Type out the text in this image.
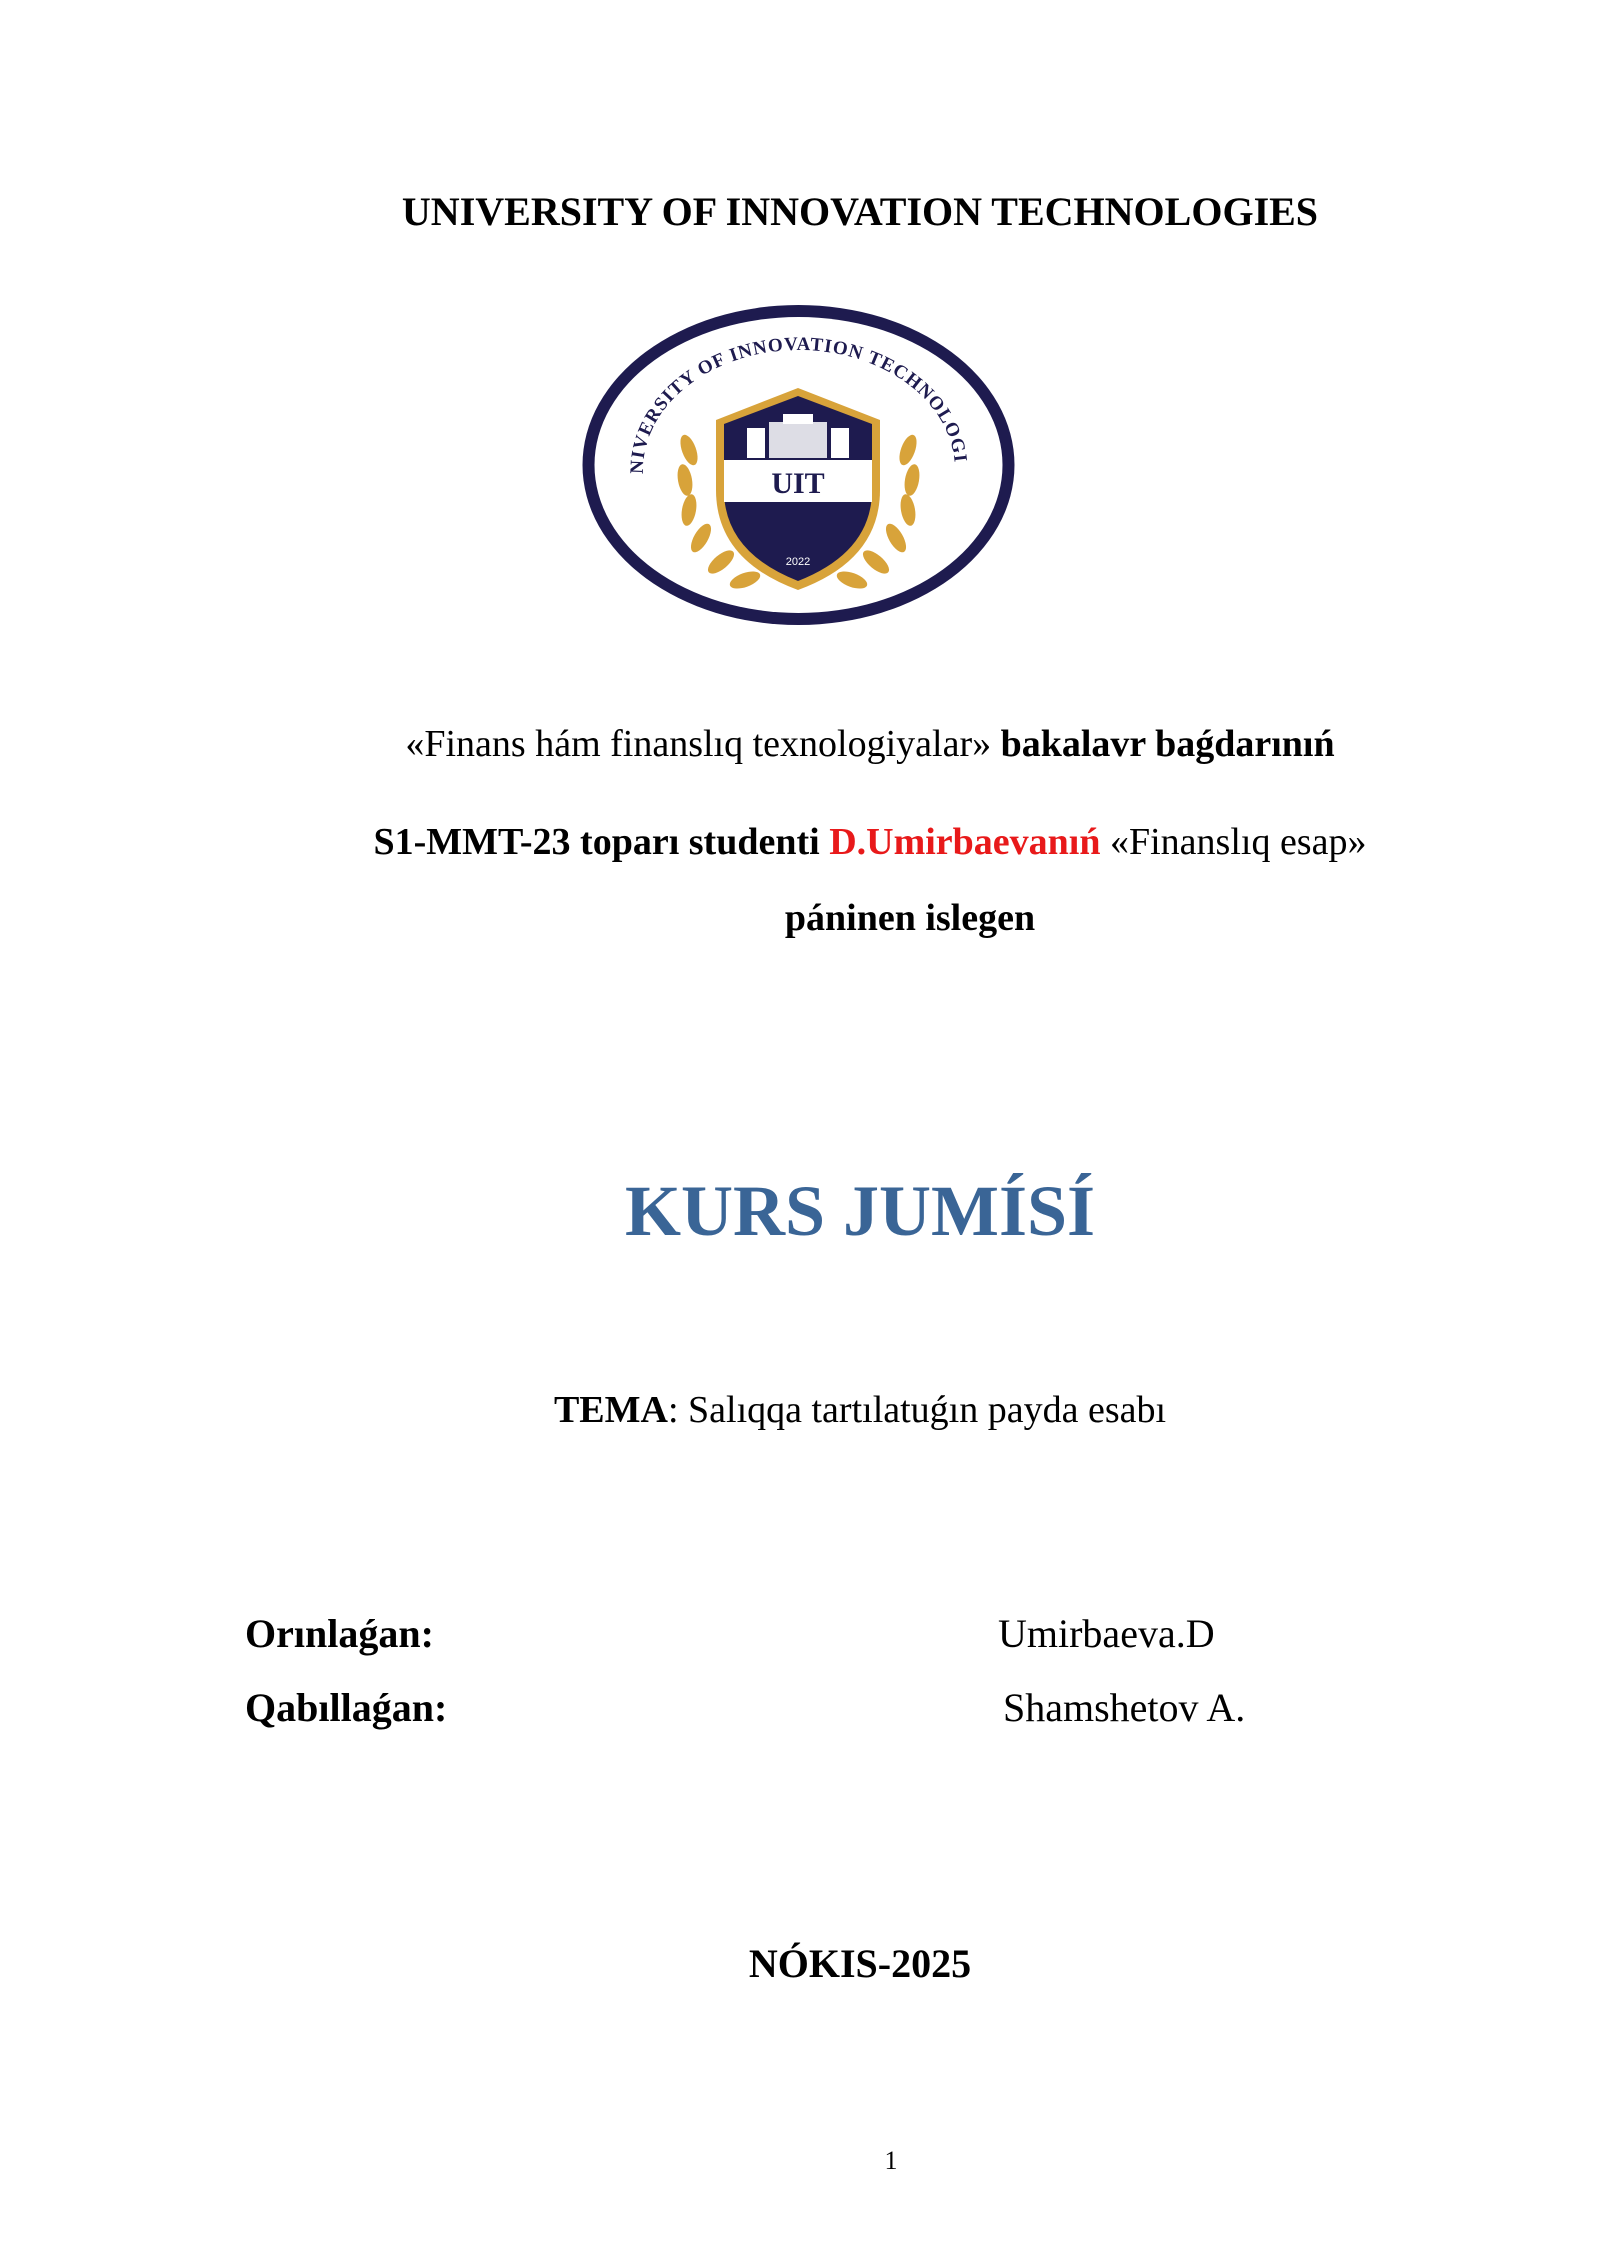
UNIVERSITY OF INNOVATION TECHNOLOGIES
NIVERSITY OF INNOVATION TECHNOLOGI
UIT
2022
«Finans hám finanslıq texnologiyalar» bakalavr baǵdarınıń
S1-MMT-23 toparı studenti D.Umirbaevanıń «Finanslıq esap»
páninen islegen
KURS JUMÍSÍ
TEMA: Salıqqa tartılatuǵın payda esabı
Orınlaǵan:	Umirbaeva.D
Qabıllaǵan:	Shamshetov A.
NÓKIS-2025
1
